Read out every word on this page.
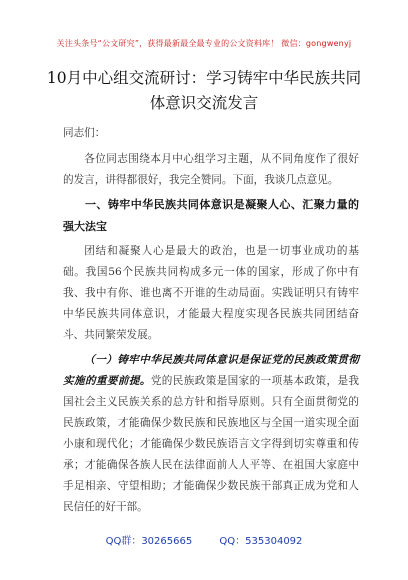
关注头条号“公文研究”，获得最新最全最专业的公文资料库！ 微信：gongwenyj
10月中心组交流研讨：学习铸牢中华民族共同体意识交流发言

同志们：

各位同志围绕本月中心组学习主题，从不同角度作了很好的发言，讲得都很好，我完全赞同。下面，我谈几点意见。

一、铸牢中华民族共同体意识是凝聚人心、汇聚力量的强大法宝

团结和凝聚人心是最大的政治，也是一切事业成功的基础。我国56个民族共同构成多元一体的国家，形成了你中有我、我中有你、谁也离不开谁的生动局面。实践证明只有铸牢中华民族共同体意识，才能最大程度实现各民族共同团结奋斗、共同繁荣发展。

（一）铸牢中华民族共同体意识是保证党的民族政策贯彻实施的重要前提。党的民族政策是国家的一项基本政策，是我国社会主义民族关系的总方针和指导原则。只有全面贯彻党的民族政策，才能确保少数民族和民族地区与全国一道实现全面小康和现代化；才能确保少数民族语言文字得到切实尊重和传承；才能确保各族人民在法律面前人人平等、在祖国大家庭中手足相亲、守望相助；才能确保少数民族干部真正成为党和人民信任的好干部。

QQ群：30265665	QQ：535304092
